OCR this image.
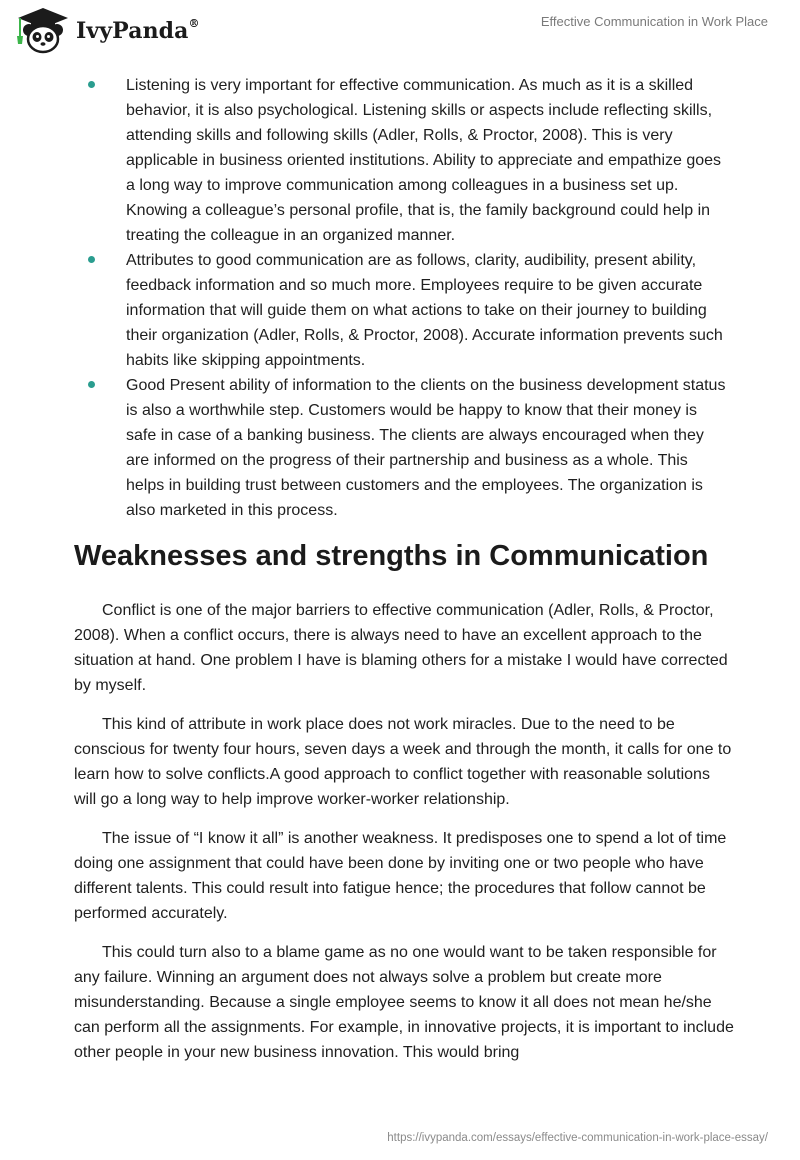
IvyPanda®	Effective Communication in Work Place
Listening is very important for effective communication. As much as it is a skilled behavior, it is also psychological. Listening skills or aspects include reflecting skills, attending skills and following skills (Adler, Rolls, & Proctor, 2008). This is very applicable in business oriented institutions. Ability to appreciate and empathize goes a long way to improve communication among colleagues in a business set up. Knowing a colleague’s personal profile, that is, the family background could help in treating the colleague in an organized manner.
Attributes to good communication are as follows, clarity, audibility, present ability, feedback information and so much more. Employees require to be given accurate information that will guide them on what actions to take on their journey to building their organization (Adler, Rolls, & Proctor, 2008). Accurate information prevents such habits like skipping appointments.
Good Present ability of information to the clients on the business development status is also a worthwhile step. Customers would be happy to know that their money is safe in case of a banking business. The clients are always encouraged when they are informed on the progress of their partnership and business as a whole. This helps in building trust between customers and the employees. The organization is also marketed in this process.
Weaknesses and strengths in Communication

Conflict is one of the major barriers to effective communication (Adler, Rolls, & Proctor, 2008). When a conflict occurs, there is always need to have an excellent approach to the situation at hand. One problem I have is blaming others for a mistake I would have corrected by myself.

This kind of attribute in work place does not work miracles. Due to the need to be conscious for twenty four hours, seven days a week and through the month, it calls for one to learn how to solve conflicts.A good approach to conflict together with reasonable solutions will go a long way to help improve worker-worker relationship.

The issue of “I know it all” is another weakness. It predisposes one to spend a lot of time doing one assignment that could have been done by inviting one or two people who have different talents. This could result into fatigue hence; the procedures that follow cannot be performed accurately.

This could turn also to a blame game as no one would want to be taken responsible for any failure. Winning an argument does not always solve a problem but create more misunderstanding. Because a single employee seems to know it all does not mean he/she can perform all the assignments. For example, in innovative projects, it is important to include other people in your new business innovation. This would bring

https://ivypanda.com/essays/effective-communication-in-work-place-essay/
